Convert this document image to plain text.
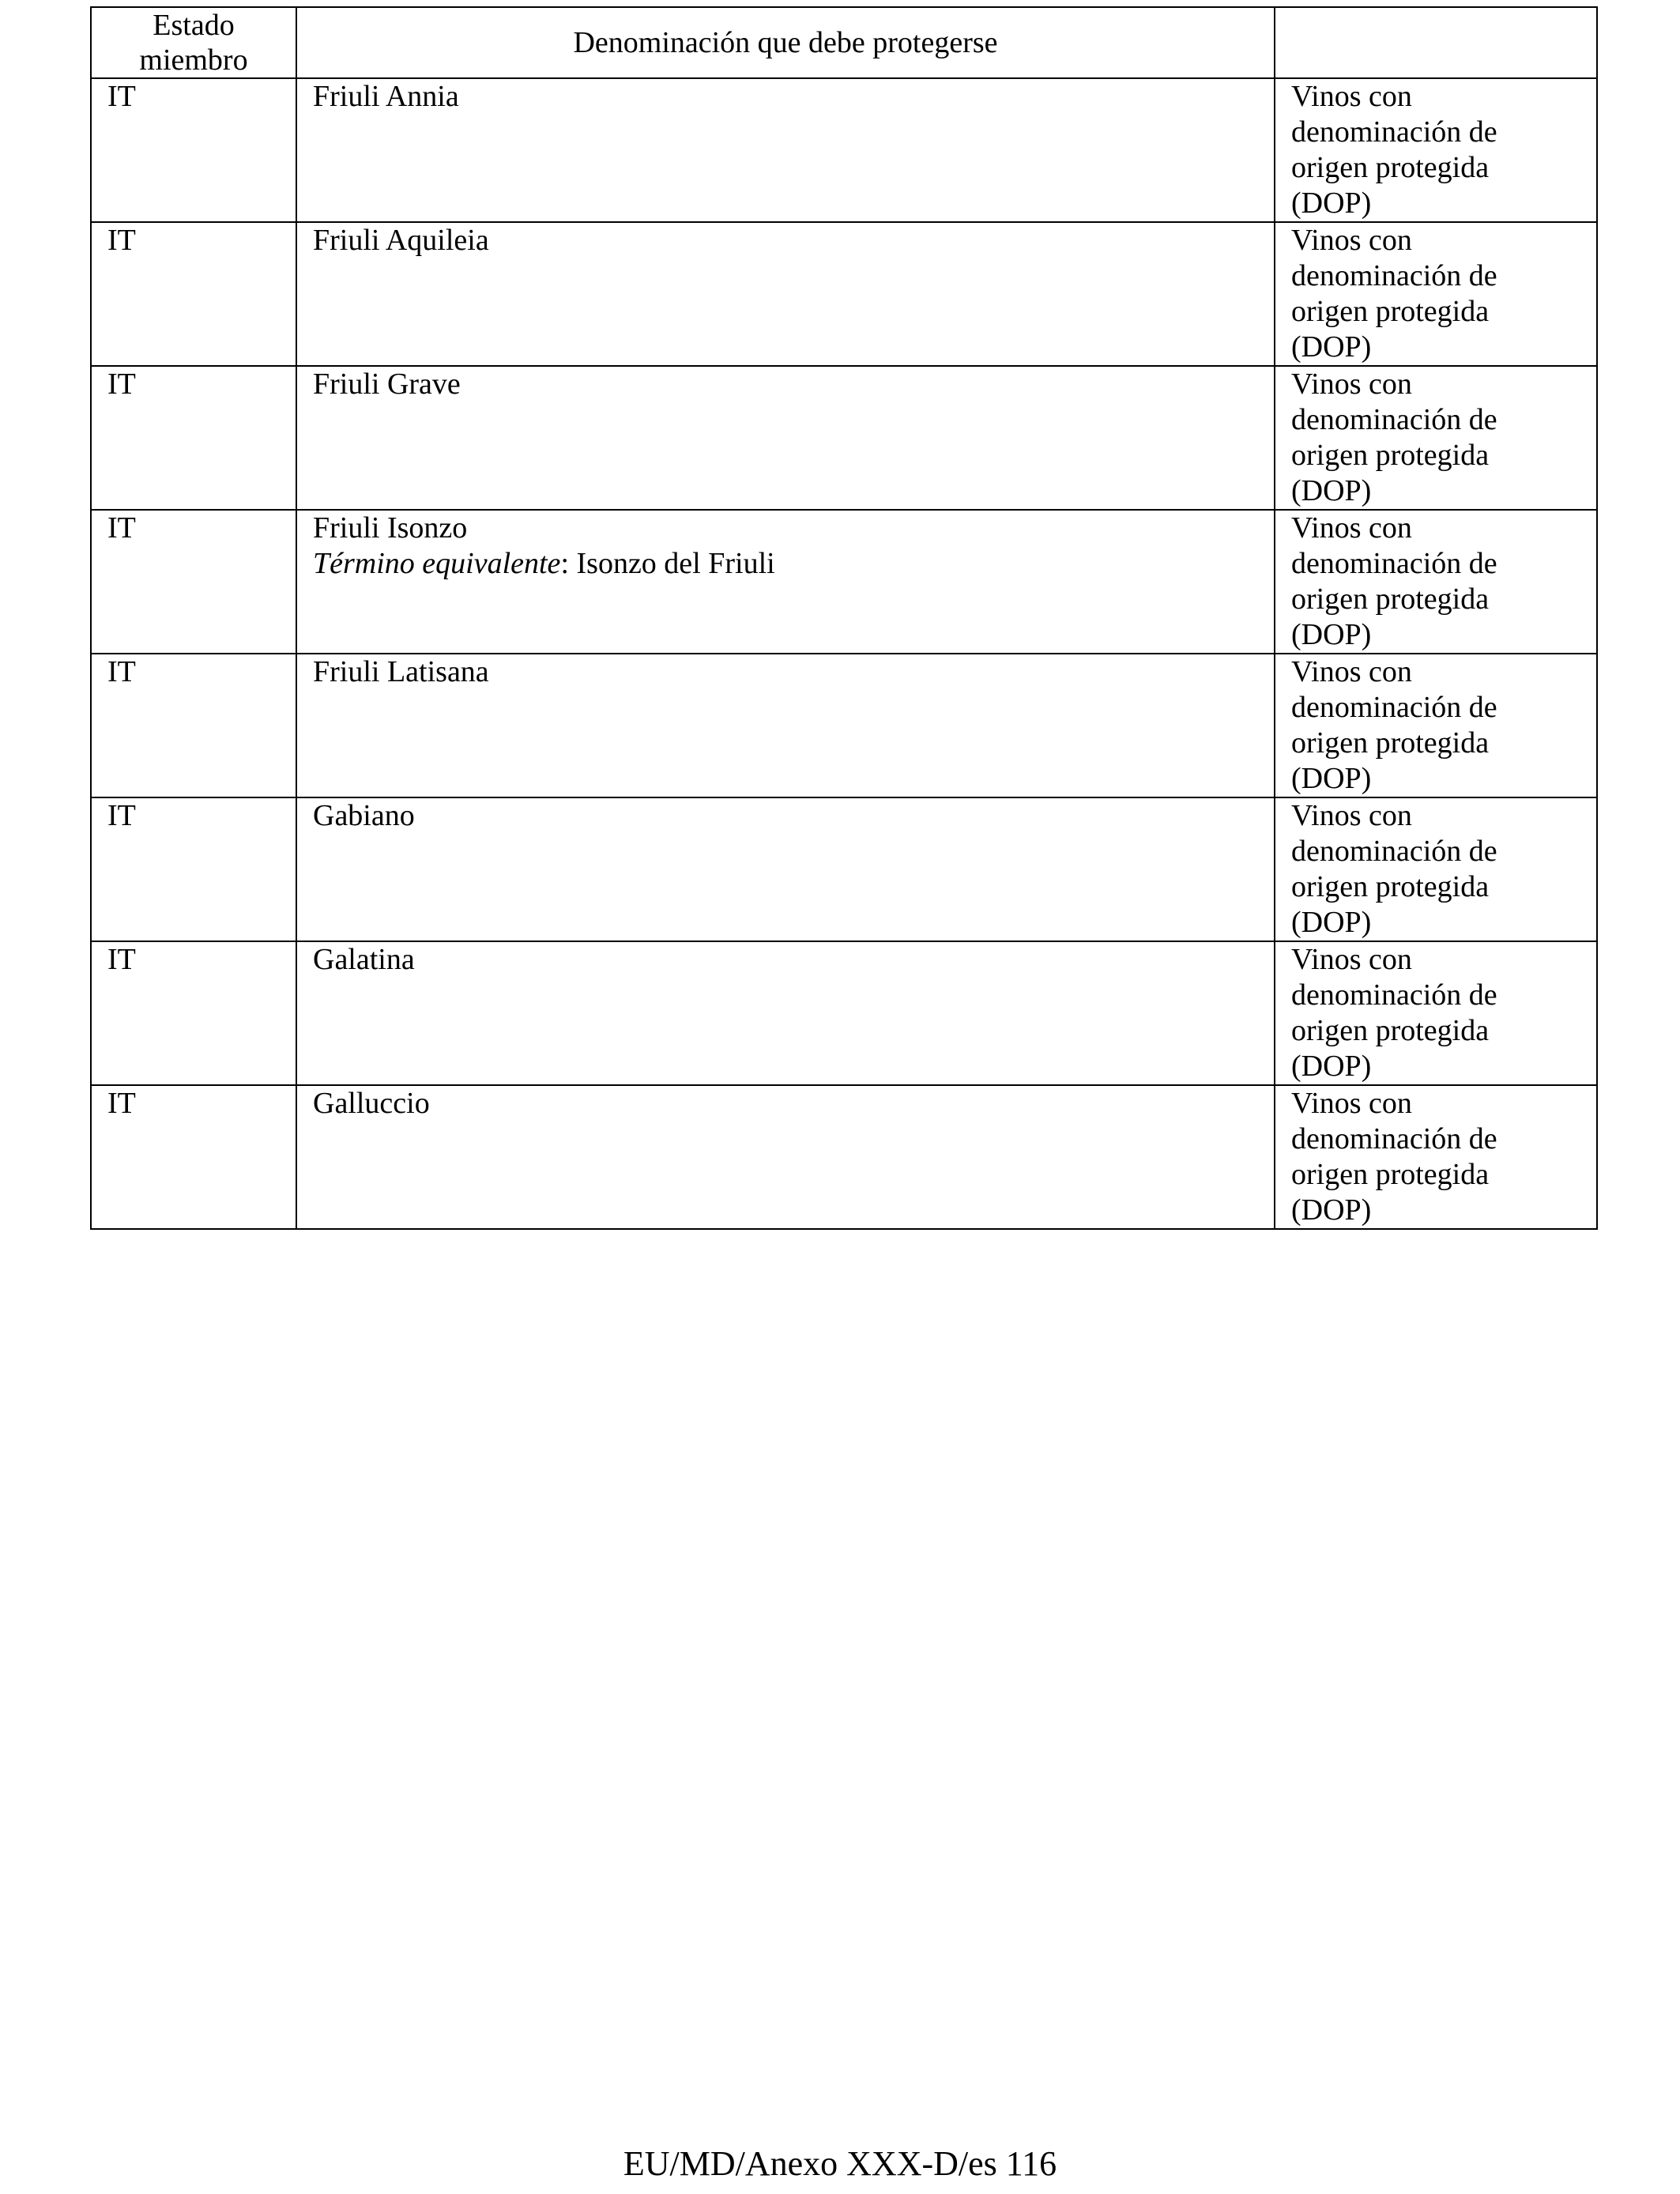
Estado
miembro	Denominación que debe protegerse	
IT	Friuli Annia	Vinos con
denominación de
origen protegida
(DOP)

IT	Friuli Aquileia	Vinos con
denominación de
origen protegida
(DOP)

IT	Friuli Grave	Vinos con
denominación de
origen protegida
(DOP)

IT	Friuli Isonzo
Término equivalente: Isonzo del Friuli	Vinos con
denominación de
origen protegida
(DOP)

IT	Friuli Latisana	Vinos con
denominación de
origen protegida
(DOP)

IT	Gabiano	Vinos con
denominación de
origen protegida
(DOP)

IT	Galatina	Vinos con
denominación de
origen protegida
(DOP)

IT	Galluccio	Vinos con
denominación de
origen protegida
(DOP)
EU/MD/Anexo XXX-D/es 116
